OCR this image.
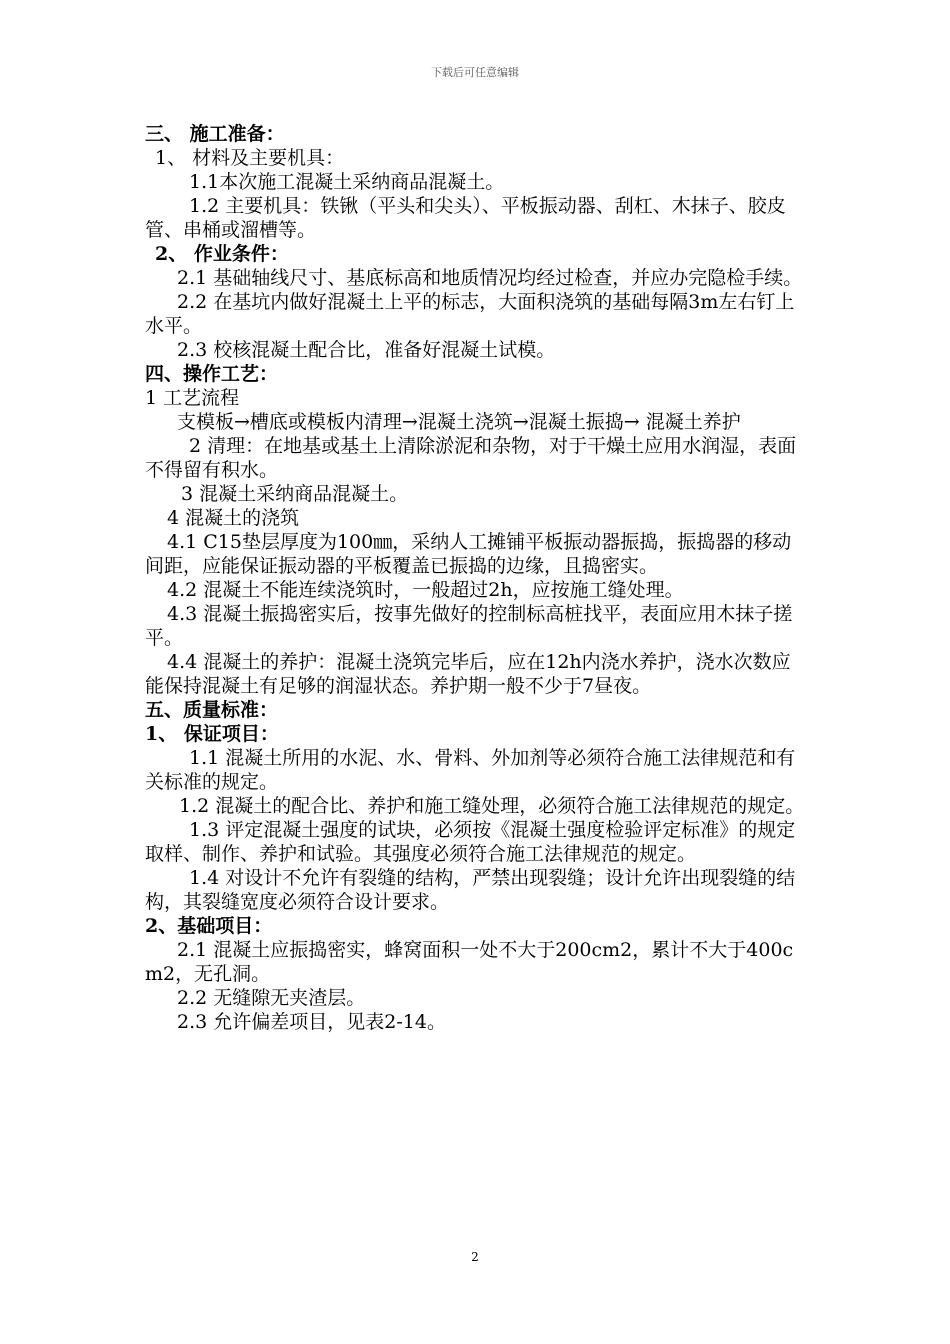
下载后可任意编辑

三、 施工准备：

1、 材料及主要机具：

1.1本次施工混凝土采纳商品混凝土。

1.2 主要机具：铁锹（平头和尖头）、平板振动器、刮杠、木抹子、胶皮管、串桶或溜槽等。

2、 作业条件：

2.1 基础轴线尺寸、基底标高和地质情况均经过检查，并应办完隐检手续。

2.2 在基坑内做好混凝土上平的标志，大面积浇筑的基础每隔3m左右钉上水平。

2.3 校核混凝土配合比，准备好混凝土试模。

四、操作工艺：

1 工艺流程

支模板→槽底或模板内清理→混凝土浇筑→混凝土振捣→ 混凝土养护

2 清理：在地基或基土上清除淤泥和杂物，对于干燥土应用水润湿，表面不得留有积水。

3 混凝土采纳商品混凝土。

4 混凝土的浇筑

4.1 C15垫层厚度为100㎜，采纳人工摊铺平板振动器振捣，振捣器的移动间距，应能保证振动器的平板覆盖已振捣的边缘，且捣密实。

4.2 混凝土不能连续浇筑时，一般超过2h，应按施工缝处理。

4.3 混凝土振捣密实后，按事先做好的控制标高桩找平，表面应用木抹子搓平。

4.4 混凝土的养护：混凝土浇筑完毕后，应在12h内浇水养护，浇水次数应能保持混凝土有足够的润湿状态。养护期一般不少于7昼夜。

五、质量标准：

1、 保证项目：

1.1 混凝土所用的水泥、水、骨料、外加剂等必须符合施工法律规范和有关标准的规定。

1.2 混凝土的配合比、养护和施工缝处理，必须符合施工法律规范的规定。

1.3 评定混凝土强度的试块，必须按《混凝土强度检验评定标准》的规定取样、制作、养护和试验。其强度必须符合施工法律规范的规定。

1.4 对设计不允许有裂缝的结构，严禁出现裂缝；设计允许出现裂缝的结构，其裂缝宽度必须符合设计要求。

2、基础项目：

2.1 混凝土应振捣密实，蜂窝面积一处不大于200cm2，累计不大于400cm2，无孔洞。

2.2 无缝隙无夹渣层。

2.3 允许偏差项目，见表2-14。

2
